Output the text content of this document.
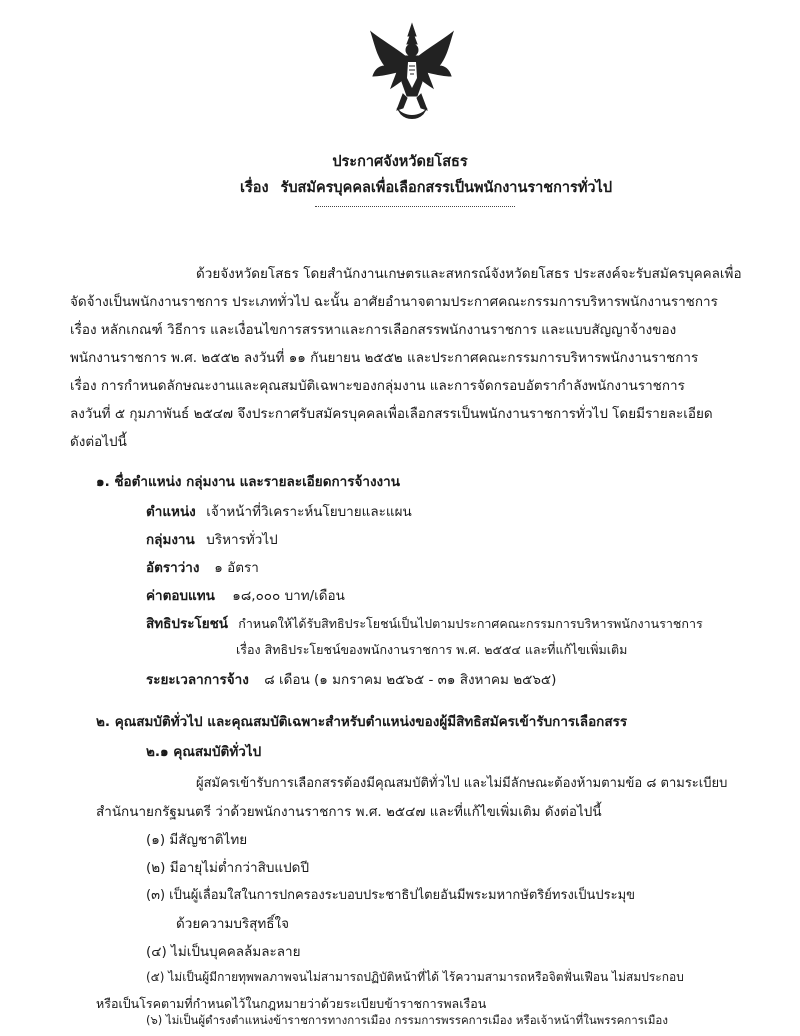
ประกาศจังหวัดยโสธร
เรื่อง รับสมัครบุคคลเพื่อเลือกสรรเป็นพนักงานราชการทั่วไป
ด้วยจังหวัดยโสธร โดยสำนักงานเกษตรและสหกรณ์จังหวัดยโสธร ประสงค์จะรับสมัครบุคคลเพื่อ
จัดจ้างเป็นพนักงานราชการ ประเภททั่วไป ฉะนั้น อาศัยอำนาจตามประกาศคณะกรรมการบริหารพนักงานราชการ
เรื่อง หลักเกณฑ์ วิธีการ และเงื่อนไขการสรรหาและการเลือกสรรพนักงานราชการ และแบบสัญญาจ้างของ
พนักงานราชการ พ.ศ. ๒๕๕๒ ลงวันที่ ๑๑ กันยายน ๒๕๕๒ และประกาศคณะกรรมการบริหารพนักงานราชการ
เรื่อง การกำหนดลักษณะงานและคุณสมบัติเฉพาะของกลุ่มงาน และการจัดกรอบอัตรากำลังพนักงานราชการ
ลงวันที่ ๕ กุมภาพันธ์ ๒๕๔๗ จึงประกาศรับสมัครบุคคลเพื่อเลือกสรรเป็นพนักงานราชการทั่วไป โดยมีรายละเอียด
ดังต่อไปนี้
๑. ชื่อตำแหน่ง กลุ่มงาน และรายละเอียดการจ้างงาน
ตำแหน่ง เจ้าหน้าที่วิเคราะห์นโยบายและแผน
กลุ่มงาน บริหารทั่วไป
อัตราว่าง ๑ อัตรา
ค่าตอบแทน ๑๘,๐๐๐ บาท/เดือน
สิทธิประโยชน์ กำหนดให้ได้รับสิทธิประโยชน์เป็นไปตามประกาศคณะกรรมการบริหารพนักงานราชการ
เรื่อง สิทธิประโยชน์ของพนักงานราชการ พ.ศ. ๒๕๕๔ และที่แก้ไขเพิ่มเติม
ระยะเวลาการจ้าง ๘ เดือน (๑ มกราคม ๒๕๖๕ - ๓๑ สิงหาคม ๒๕๖๕)
๒. คุณสมบัติทั่วไป และคุณสมบัติเฉพาะสำหรับตำแหน่งของผู้มีสิทธิสมัครเข้ารับการเลือกสรร
๒.๑ คุณสมบัติทั่วไป
ผู้สมัครเข้ารับการเลือกสรรต้องมีคุณสมบัติทั่วไป และไม่มีลักษณะต้องห้ามตามข้อ ๘ ตามระเบียบ
สำนักนายกรัฐมนตรี ว่าด้วยพนักงานราชการ พ.ศ. ๒๕๔๗ และที่แก้ไขเพิ่มเติม ดังต่อไปนี้
(๑) มีสัญชาติไทย
(๒) มีอายุไม่ต่ำกว่าสิบแปดปี
(๓) เป็นผู้เลื่อมใสในการปกครองระบอบประชาธิปไตยอันมีพระมหากษัตริย์ทรงเป็นประมุข
ด้วยความบริสุทธิ์ใจ
(๔) ไม่เป็นบุคคลล้มละลาย
(๕) ไม่เป็นผู้มีกายทุพพลภาพจนไม่สามารถปฏิบัติหน้าที่ได้ ไร้ความสามารถหรือจิตฟั่นเฟือน ไม่สมประกอบ
หรือเป็นโรคตามที่กำหนดไว้ในกฎหมายว่าด้วยระเบียบข้าราชการพลเรือน
(๖) ไม่เป็นผู้ดำรงตำแหน่งข้าราชการทางการเมือง กรรมการพรรคการเมือง หรือเจ้าหน้าที่ในพรรคการเมือง
